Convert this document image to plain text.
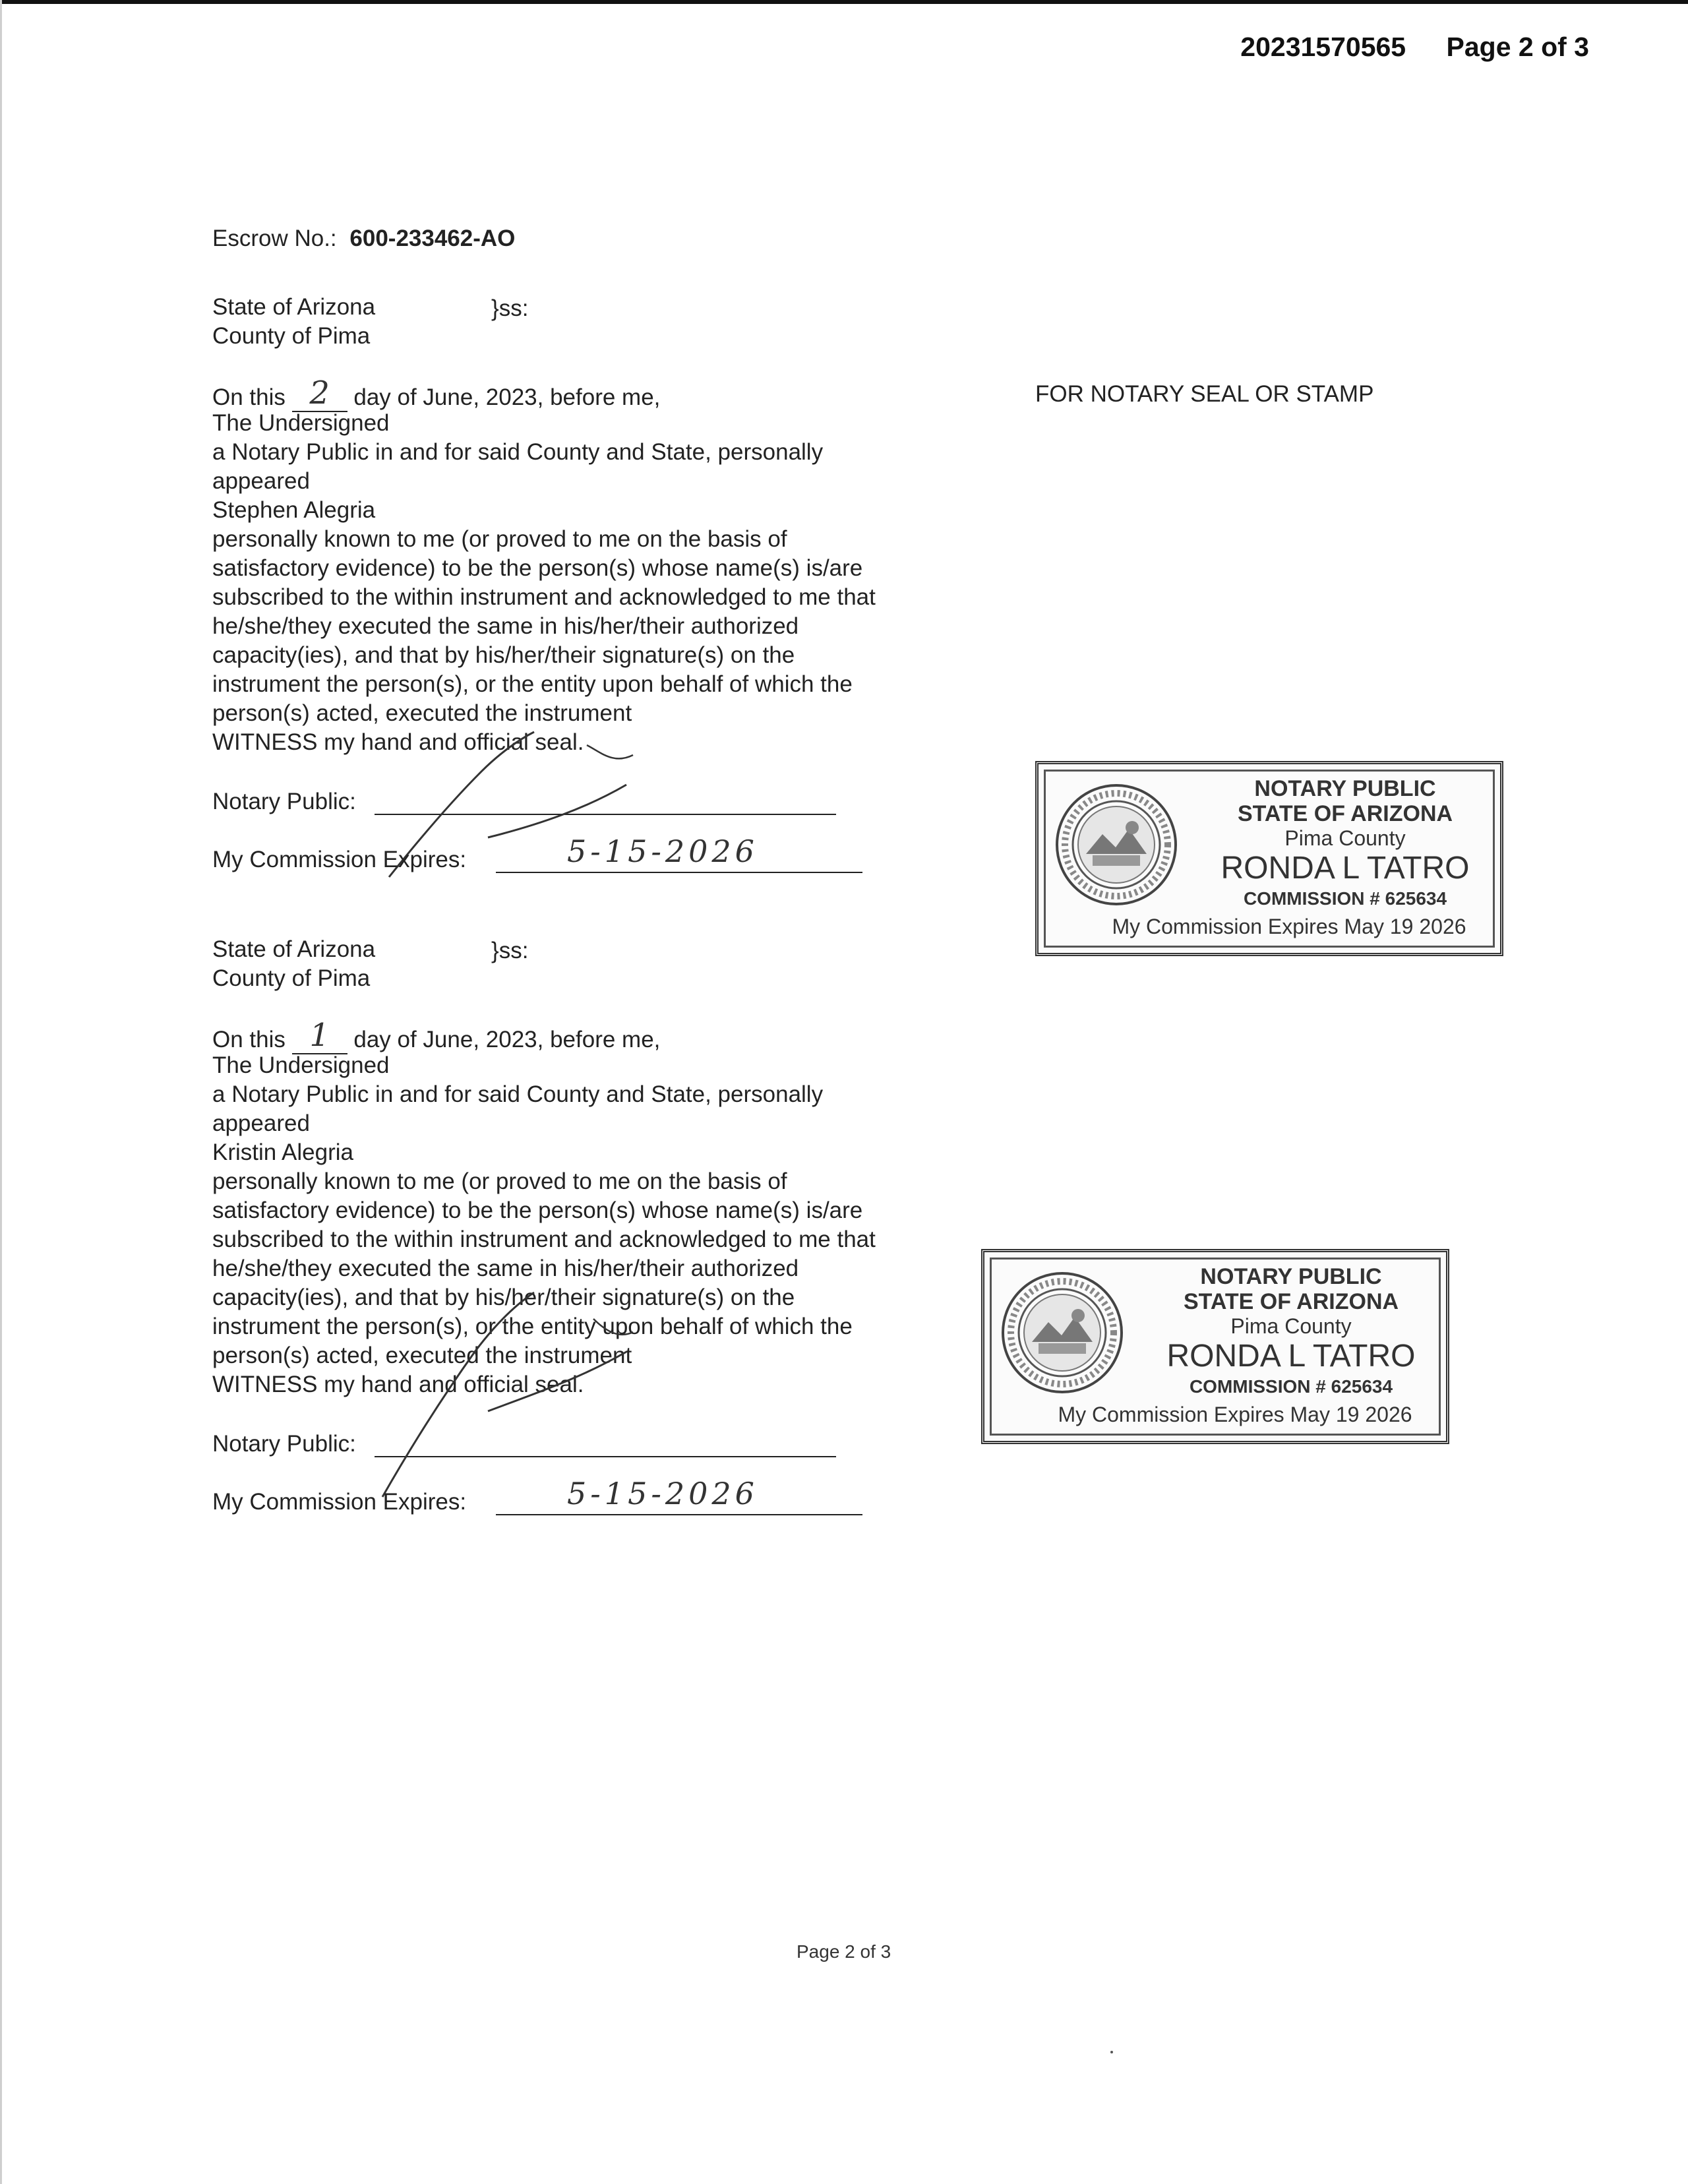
20231570565 Page 2 of 3
Escrow No.: 600-233462-AO
State of Arizona	}ss:
County of Pima
On this 2 day of June, 2023, before me,
The Undersigned
a Notary Public in and for said County and State, personally
appeared
Stephen Alegria
personally known to me (or proved to me on the basis of
satisfactory evidence) to be the person(s) whose name(s) is/are
subscribed to the within instrument and acknowledged to me that
he/she/they executed the same in his/her/their authorized
capacity(ies), and that by his/her/their signature(s) on the
instrument the person(s), or the entity upon behalf of which the
person(s) acted, executed the instrument
WITNESS my hand and official seal.
Notary Public:
My Commission Expires:	5-15-2026
FOR NOTARY SEAL OR STAMP
NOTARY PUBLIC
STATE OF ARIZONA
Pima County
RONDA L TATRO
COMMISSION # 625634
My Commission Expires May 19 2026
State of Arizona	}ss:
County of Pima
On this 1 day of June, 2023, before me,
The Undersigned
a Notary Public in and for said County and State, personally
appeared
Kristin Alegria
personally known to me (or proved to me on the basis of
satisfactory evidence) to be the person(s) whose name(s) is/are
subscribed to the within instrument and acknowledged to me that
he/she/they executed the same in his/her/their authorized
capacity(ies), and that by his/her/their signature(s) on the
instrument the person(s), or the entity upon behalf of which the
person(s) acted, executed the instrument
WITNESS my hand and official seal.
Notary Public:
My Commission Expires:	5-15-2026
NOTARY PUBLIC
STATE OF ARIZONA
Pima County
RONDA L TATRO
COMMISSION # 625634
My Commission Expires May 19 2026
Page 2 of 3
